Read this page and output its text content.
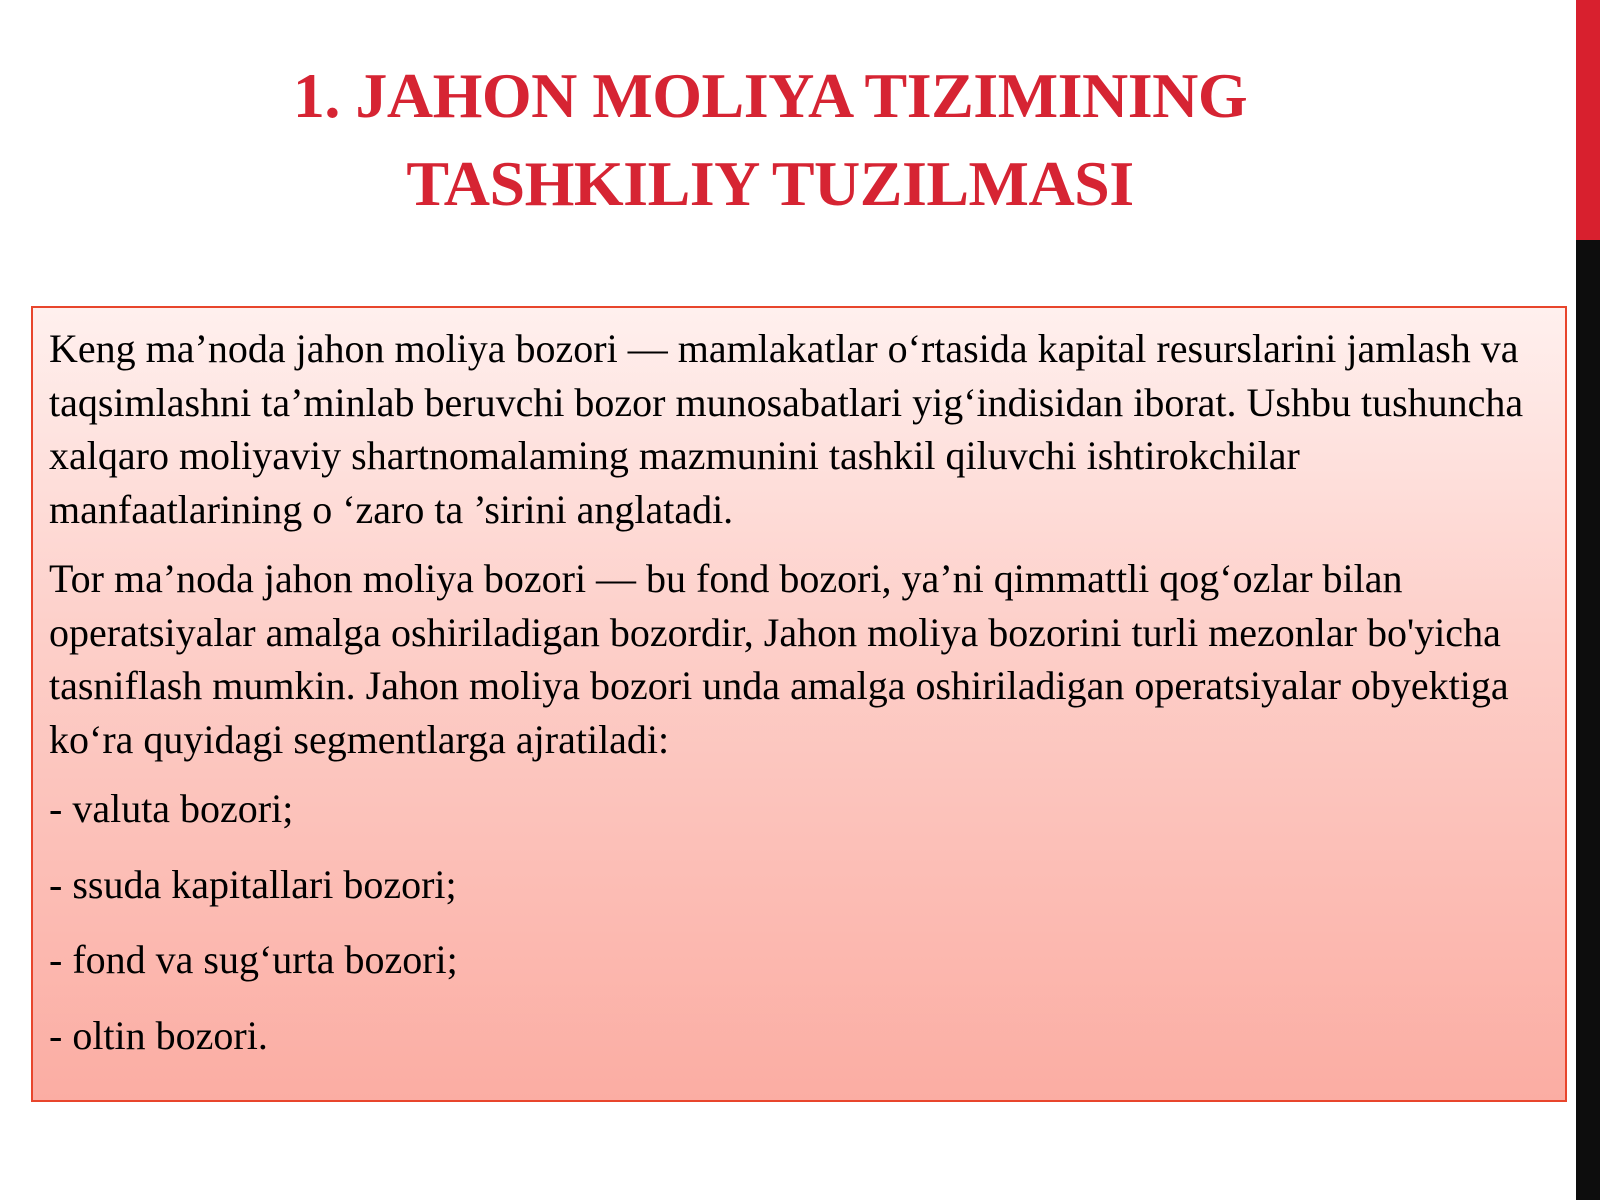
1. JAHON MOLIYA TIZIMINING
TASHKILIY TUZILMASI

Keng ma’noda jahon moliya bozori — mamlakatlar o‘rtasida kapital resurslarini jamlash va taqsimlashni ta’minlab beruvchi bozor munosabatlari yig‘indisidan iborat. Ushbu tushuncha xalqaro moliyaviy shartnomalaming mazmunini tashkil qiluvchi ishtirokchilar manfaatlarining o ‘zaro ta ’sirini anglatadi.

Tor ma’noda jahon moliya bozori — bu fond bozori, ya’ni qimmattli qog‘ozlar bilan operatsiyalar amalga oshiriladigan bozordir, Jahon moliya bozorini turli mezonlar bo'yicha tasniflash mumkin. Jahon moliya bozori unda amalga oshiriladigan operatsiyalar obyektiga ko‘ra quyidagi segmentlarga ajratiladi:

- valuta bozori;

- ssuda kapitallari bozori;

- fond va sug‘urta bozori;

- oltin bozori.
